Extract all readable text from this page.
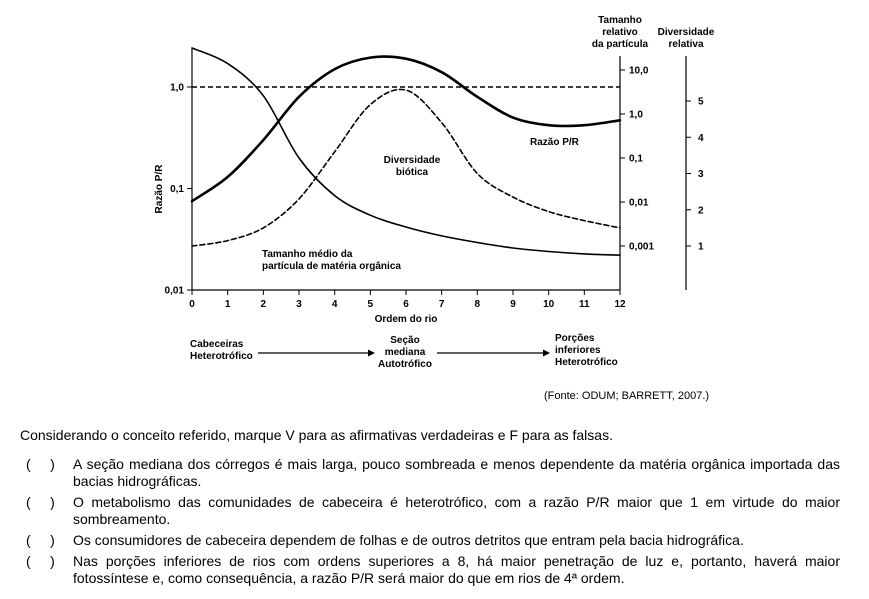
0,01
0,1
1,0
Razão P/R
0	1	2	3	4	5	6	7	8	9	10 11 12
Ordem do rio
10,0
1,0
0,1
0,01
0,001
Tamanho
relativo
da partícula
5
4
3
2
1
Diversidade
relativa
Razão P/R
Diversidade
biótica
Tamanho médio da
partícula de matéria orgânica
Cabeceiras
Heterotrófico
Seção
mediana
Autotrófico
Porções
inferiores
Heterotrófico
(Fonte: ODUM; BARRETT, 2007.)
Considerando o conceito referido, marque V para as afirmativas verdadeiras e F para as falsas.
(     ) A seção mediana dos córregos é mais larga, pouco sombreada e menos dependente da matéria orgânica importada das bacias hidrográficas.
(     ) O metabolismo das comunidades de cabeceira é heterotrófico, com a razão P/R maior que 1 em virtude do maior sombreamento.
(     ) Os consumidores de cabeceira dependem de folhas e de outros detritos que entram pela bacia hidrográfica.
(     ) Nas porções inferiores de rios com ordens superiores a 8, há maior penetração de luz e, portanto, haverá maior fotossíntese e, como consequência, a razão P/R será maior do que em rios de 4ª ordem.
